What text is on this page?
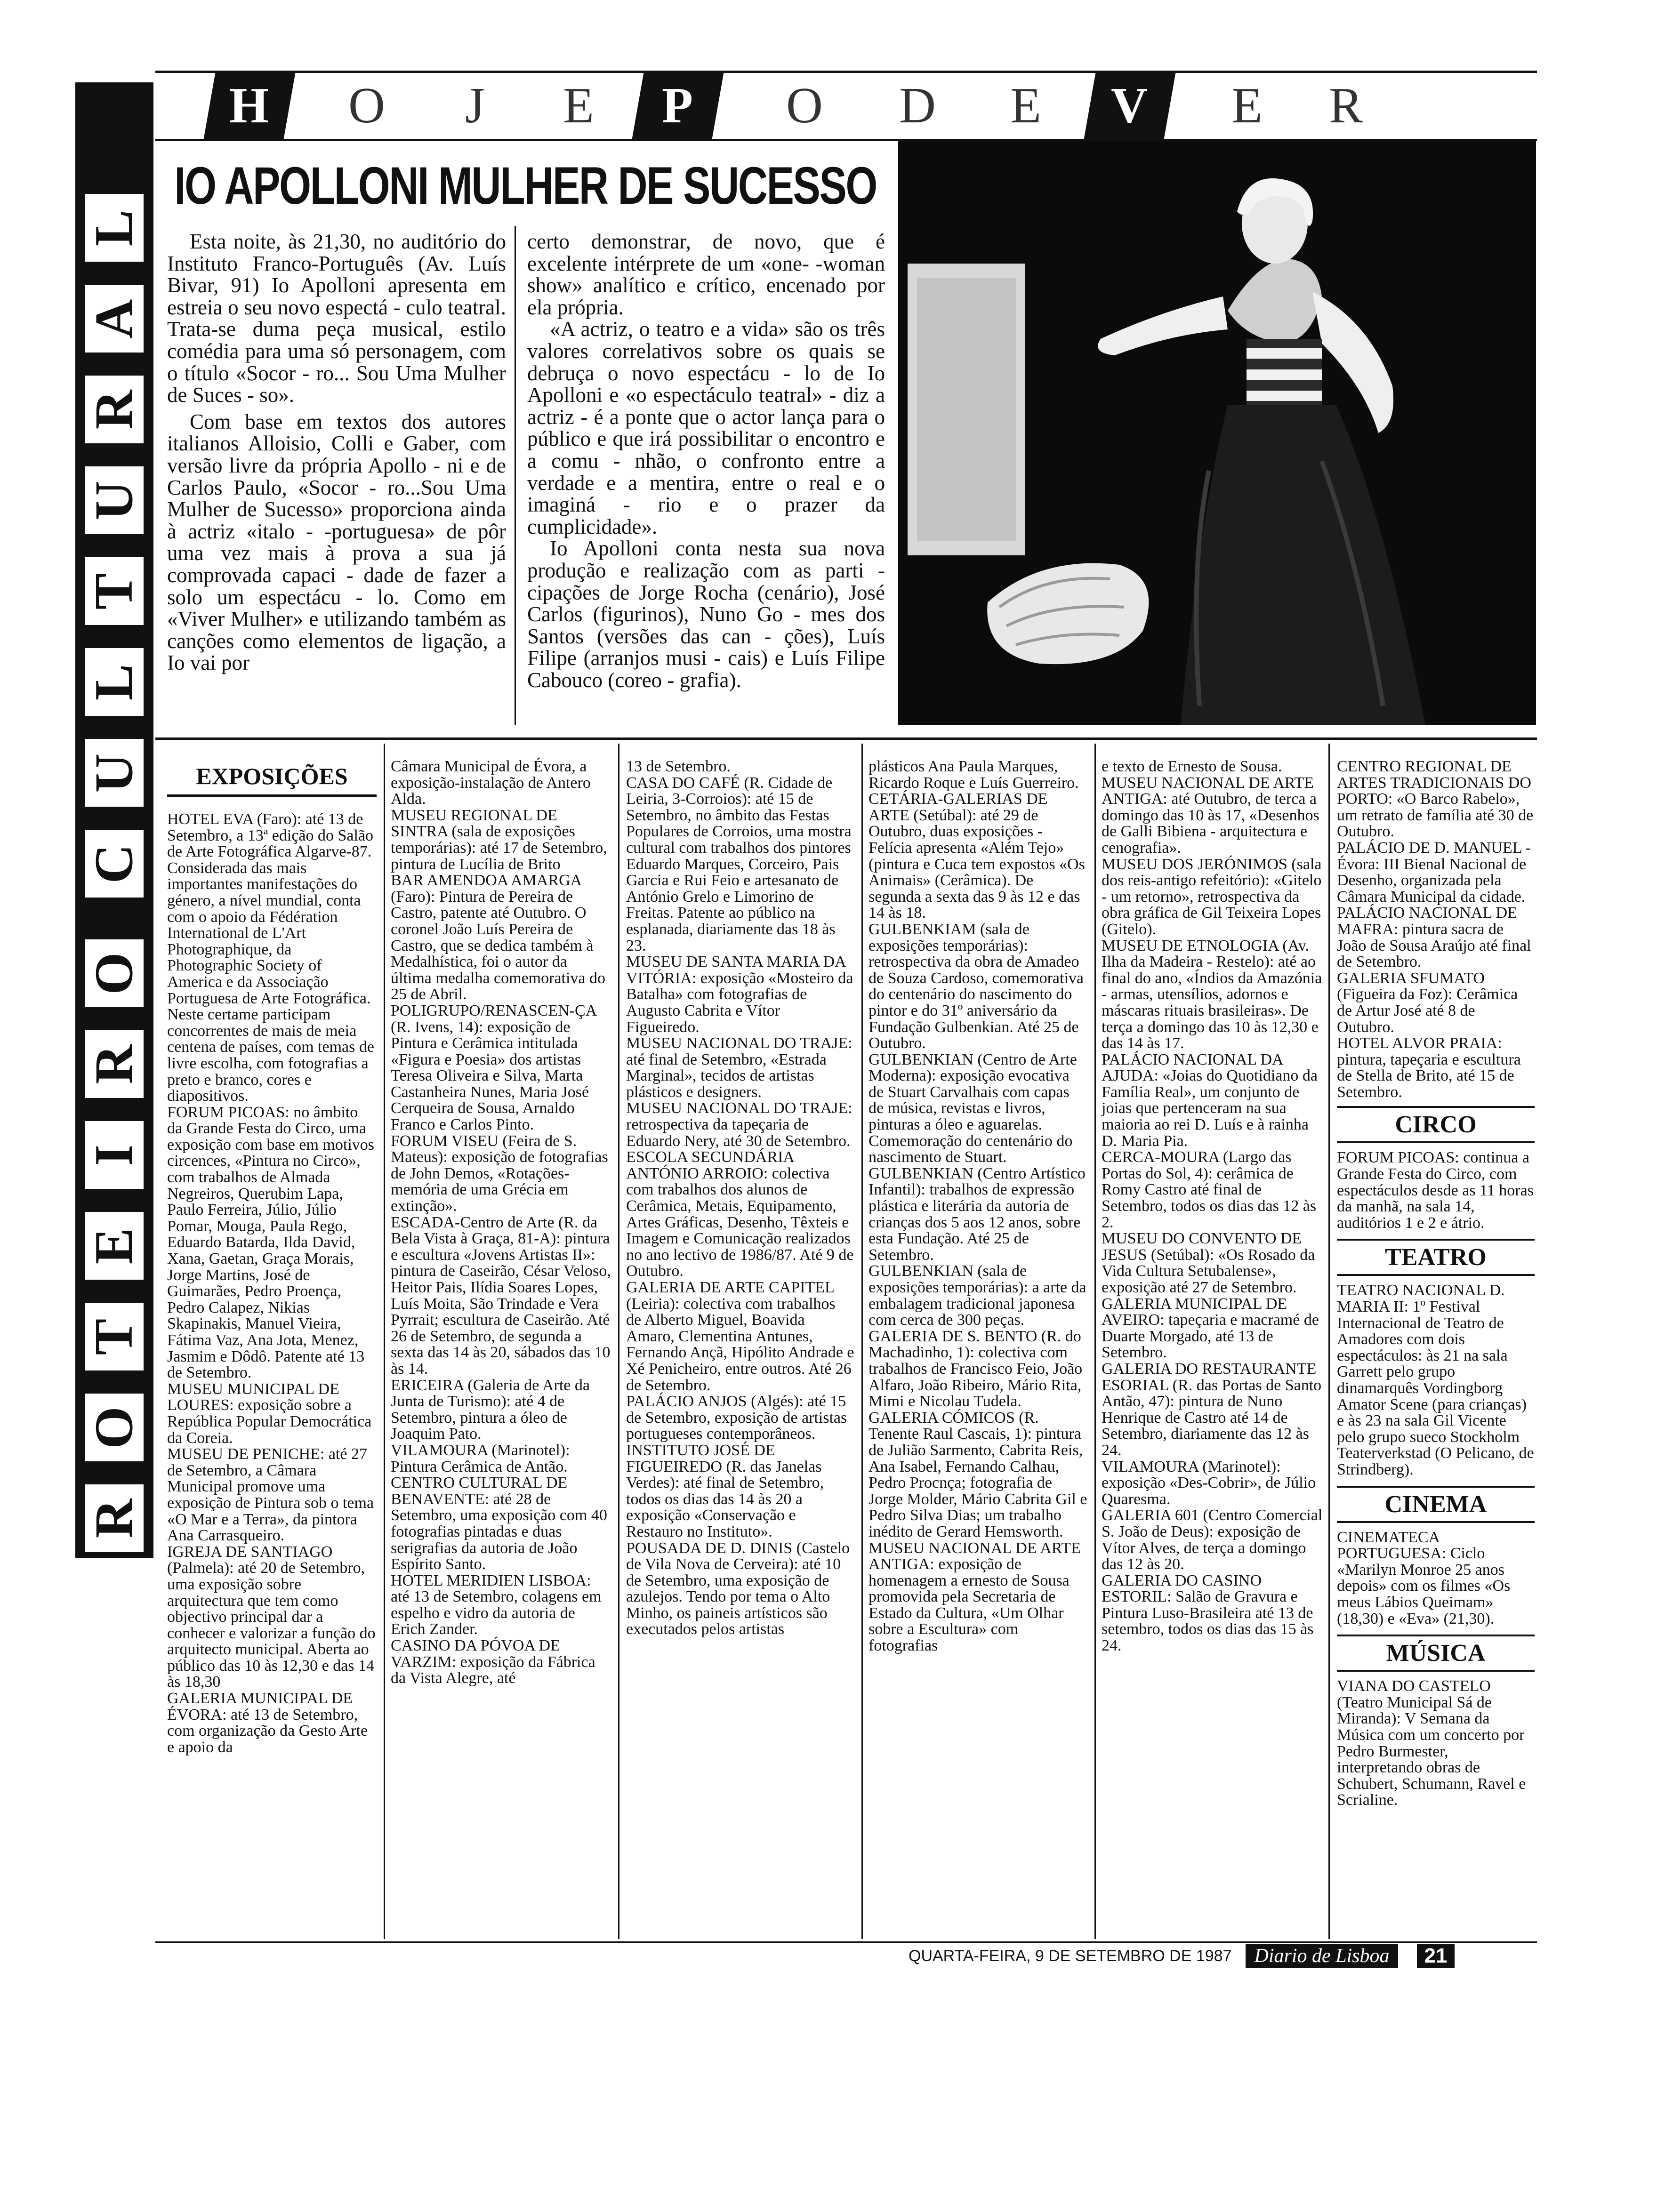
R
O
T
E
I
R
O
C
U
L
T
U
R
A
L
H	O	J	E	P	O D E	V	E R
IO APOLLONI MULHER DE SUCESSO

Esta noite, às 21,30, no auditório do Instituto Franco-Português (Av. Luís Bivar, 91) Io Apolloni apresenta em estreia o seu novo espectá - culo teatral. Trata-se duma peça musical, estilo comédia para uma só personagem, com o título «Socor - ro... Sou Uma Mulher de Suces - so».

Com base em textos dos autores italianos Alloisio, Colli e Gaber, com versão livre da própria Apollo - ni e de Carlos Paulo, «Socor - ro...Sou Uma Mulher de Sucesso» proporciona ainda à actriz «italo - -portuguesa» de pôr uma vez mais à prova a sua já comprovada capaci - dade de fazer a solo um espectácu - lo. Como em «Viver Mulher» e utilizando também as canções como elementos de ligação, a Io vai por

certo demonstrar, de novo, que é excelente intérprete de um «one- -woman show» analítico e crítico, encenado por ela própria.

«A actriz, o teatro e a vida» são os três valores correlativos sobre os quais se debruça o novo espectácu - lo de Io Apolloni e «o espectáculo teatral» - diz a actriz - é a ponte que o actor lança para o público e que irá possibilitar o encontro e a comu - nhão, o confronto entre a verdade e a mentira, entre o real e o imaginá - rio e o prazer da cumplicidade».

Io Apolloni conta nesta sua nova produção e realização com as parti - cipações de Jorge Rocha (cenário), José Carlos (figurinos), Nuno Go - mes dos Santos (versões das can - ções), Luís Filipe (arranjos musi - cais) e Luís Filipe Cabouco (coreo - grafia).

EXPOSIÇÕES

HOTEL EVA (Faro): até 13 de Setembro, a 13ª edição do Salão de Arte Fotográfica Algarve-87. Considerada das mais importantes manifestações do género, a nível mundial, conta com o apoio da Fédération International de L'Art Photographique, da Photographic Society of America e da Associação Portuguesa de Arte Fotográfica. Neste certame participam concorrentes de mais de meia centena de países, com temas de livre escolha, com fotografias a preto e branco, cores e diapositivos.

FORUM PICOAS: no âmbito da Grande Festa do Circo, uma exposição com base em motivos circences, «Pintura no Circo», com trabalhos de Almada Negreiros, Querubim Lapa, Paulo Ferreira, Júlio, Júlio Pomar, Mouga, Paula Rego, Eduardo Batarda, Ilda David, Xana, Gaetan, Graça Morais, Jorge Martins, José de Guimarães, Pedro Proença, Pedro Calapez, Nikias Skapinakis, Manuel Vieira, Fátima Vaz, Ana Jota, Menez, Jasmim e Dôdô. Patente até 13 de Setembro.

MUSEU MUNICIPAL DE LOURES: exposição sobre a República Popular Democrática da Coreia.

MUSEU DE PENICHE: até 27 de Setembro, a Câmara Municipal promove uma exposição de Pintura sob o tema «O Mar e a Terra», da pintora Ana Carrasqueiro.

IGREJA DE SANTIAGO (Palmela): até 20 de Setembro, uma exposição sobre arquitectura que tem como objectivo principal dar a conhecer e valorizar a função do arquitecto municipal. Aberta ao público das 10 às 12,30 e das 14 às 18,30

GALERIA MUNICIPAL DE ÉVORA: até 13 de Setembro, com organização da Gesto Arte e apoio da

Câmara Municipal de Évora, a exposição-instalação de Antero Alda.

MUSEU REGIONAL DE SINTRA (sala de exposições temporárias): até 17 de Setembro, pintura de Lucília de Brito

BAR AMENDOA AMARGA (Faro): Pintura de Pereira de Castro, patente até Outubro. O coronel João Luís Pereira de Castro, que se dedica também à Medalhística, foi o autor da última medalha comemorativa do 25 de Abril.

POLIGRUPO/RENASCEN-ÇA (R. Ivens, 14): exposição de Pintura e Cerâmica intitulada «Figura e Poesia» dos artistas Teresa Oliveira e Silva, Marta Castanheira Nunes, Maria José Cerqueira de Sousa, Arnaldo Franco e Carlos Pinto.

FORUM VISEU (Feira de S. Mateus): exposição de fotografias de John Demos, «Rotações-memória de uma Grécia em extinção».

ESCADA-Centro de Arte (R. da Bela Vista à Graça, 81-A): pintura e escultura «Jovens Artistas II»: pintura de Caseirão, César Veloso, Heitor Pais, Ilídia Soares Lopes, Luís Moita, São Trindade e Vera Pyrrait; escultura de Caseirão. Até 26 de Setembro, de segunda a sexta das 14 às 20, sábados das 10 às 14.

ERICEIRA (Galeria de Arte da Junta de Turismo): até 4 de Setembro, pintura a óleo de Joaquim Pato.

VILAMOURA (Marinotel): Pintura Cerâmica de Antão.

CENTRO CULTURAL DE BENAVENTE: até 28 de Setembro, uma exposição com 40 fotografias pintadas e duas serigrafias da autoria de João Espírito Santo.

HOTEL MERIDIEN LISBOA: até 13 de Setembro, colagens em espelho e vidro da autoria de Erich Zander.

CASINO DA PÓVOA DE VARZIM: exposição da Fábrica da Vista Alegre, até

13 de Setembro.

CASA DO CAFÉ (R. Cidade de Leiria, 3-Corroios): até 15 de Setembro, no âmbito das Festas Populares de Corroios, uma mostra cultural com trabalhos dos pintores Eduardo Marques, Corceiro, Pais Garcia e Rui Feio e artesanato de António Grelo e Limorino de Freitas. Patente ao público na esplanada, diariamente das 18 às 23.

MUSEU DE SANTA MARIA DA VITÓRIA: exposição «Mosteiro da Batalha» com fotografias de Augusto Cabrita e Vítor Figueiredo.

MUSEU NACIONAL DO TRAJE: até final de Setembro, «Estrada Marginal», tecidos de artistas plásticos e designers.

MUSEU NACIONAL DO TRAJE: retrospectiva da tapeçaria de Eduardo Nery, até 30 de Setembro.

ESCOLA SECUNDÁRIA ANTÓNIO ARROIO: colectiva com trabalhos dos alunos de Cerâmica, Metais, Equipamento, Artes Gráficas, Desenho, Têxteis e Imagem e Comunicação realizados no ano lectivo de 1986/87. Até 9 de Outubro.

GALERIA DE ARTE CAPITEL (Leiria): colectiva com trabalhos de Alberto Miguel, Boavida Amaro, Clementina Antunes, Fernando Ançã, Hipólito Andrade e Xé Penicheiro, entre outros. Até 26 de Setembro.

PALÁCIO ANJOS (Algés): até 15 de Setembro, exposição de artistas portugueses contemporâneos.

INSTITUTO JOSÉ DE FIGUEIREDO (R. das Janelas Verdes): até final de Setembro, todos os dias das 14 às 20 a exposição «Conservação e Restauro no Instituto».

POUSADA DE D. DINIS (Castelo de Vila Nova de Cerveira): até 10 de Setembro, uma exposição de azulejos. Tendo por tema o Alto Minho, os paineis artísticos são executados pelos artistas

plásticos Ana Paula Marques, Ricardo Roque e Luís Guerreiro.

CETÁRIA-GALERIAS DE ARTE (Setúbal): até 29 de Outubro, duas exposições - Felícia apresenta «Além Tejo» (pintura e Cuca tem expostos «Os Animais» (Cerâmica). De segunda a sexta das 9 às 12 e das 14 às 18.

GULBENKIAM (sala de exposições temporárias): retrospectiva da obra de Amadeo de Souza Cardoso, comemorativa do centenário do nascimento do pintor e do 31º aniversário da Fundação Gulbenkian. Até 25 de Outubro.

GULBENKIAN (Centro de Arte Moderna): exposição evocativa de Stuart Carvalhais com capas de música, revistas e livros, pinturas a óleo e aguarelas. Comemoração do centenário do nascimento de Stuart.

GULBENKIAN (Centro Artístico Infantil): trabalhos de expressão

plástica e literária da autoria de crianças dos 5 aos 12 anos, sobre esta Fundação. Até 25 de Setembro.

GULBENKIAN (sala de exposições temporárias): a arte da embalagem tradicional japonesa com cerca de 300 peças.

GALERIA DE S. BENTO (R. do Machadinho, 1): colectiva com trabalhos de Francisco Feio, João Alfaro, João Ribeiro, Mário Rita, Mimi e Nicolau Tudela.

GALERIA CÓMICOS (R. Tenente Raul Cascais, 1): pintura de Julião Sarmento, Cabrita Reis, Ana Isabel, Fernando Calhau, Pedro Procnça; fotografia de Jorge Molder, Mário Cabrita Gil e Pedro Silva Dias; um trabalho inédito de Gerard Hemsworth.

MUSEU NACIONAL DE ARTE ANTIGA: exposição de homenagem a ernesto de Sousa promovida pela Secretaria de Estado da Cultura, «Um Olhar sobre a Escultura» com fotografias

e texto de Ernesto de Sousa.

MUSEU NACIONAL DE ARTE ANTIGA: até Outubro, de terca a domingo das 10 às 17, «Desenhos de Galli Bibiena - arquitectura e cenografia».

MUSEU DOS JERÓNIMOS (sala dos reis-antigo refeitório): «Gitelo - um retorno», retrospectiva da obra gráfica de Gil Teixeira Lopes (Gitelo).

MUSEU DE ETNOLOGIA (Av. Ilha da Madeira - Restelo): até ao final do ano, «Índios da Amazónia - armas, utensílios, adornos e máscaras rituais brasileiras». De terça a domingo das 10 às 12,30 e das 14 às 17.

PALÁCIO NACIONAL DA AJUDA: «Joias do Quotidiano da Família Real», um conjunto de joias que pertenceram na sua maioria ao rei D. Luís e à rainha D. Maria Pia.

CERCA-MOURA (Largo das Portas do Sol, 4): cerâmica de Romy Castro até final de Setembro, todos os dias das 12 às 2.

MUSEU DO CONVENTO DE JESUS (Setúbal): «Os Rosado da Vida Cultura Setubalense», exposição até 27 de Setembro.

GALERIA MUNICIPAL DE AVEIRO: tapeçaria e macramé de Duarte Morgado, até 13 de Setembro.

GALERIA DO RESTAURANTE ESORIAL (R. das Portas de Santo Antão, 47): pintura de Nuno Henrique de Castro até 14 de Setembro, diariamente das 12 às 24.

VILAMOURA (Marinotel): exposição «Des-Cobrir», de Júlio Quaresma.

GALERIA 601 (Centro Comercial S. João de Deus): exposição de Vítor Alves, de terça a domingo das 12 às 20.

GALERIA DO CASINO ESTORIL: Salão de Gravura e Pintura Luso-Brasileira até 13 de setembro, todos os dias das 15 às 24.

CENTRO REGIONAL DE ARTES TRADICIONAIS DO PORTO: «O Barco Rabelo», um retrato de família até 30 de Outubro.

PALÁCIO DE D. MANUEL - Évora: III Bienal Nacional de Desenho, organizada pela Câmara Municipal da cidade.

PALÁCIO NACIONAL DE MAFRA: pintura sacra de João de Sousa Araújo até final de Setembro.

GALERIA SFUMATO (Figueira da Foz): Cerâmica de Artur José até 8 de Outubro.

HOTEL ALVOR PRAIA: pintura, tapeçaria e escultura de Stella de Brito, até 15 de Setembro.

CIRCO
FORUM PICOAS: continua a Grande Festa do Circo, com espectáculos desde as 11 horas da manhã, na sala 14, auditórios 1 e 2 e átrio.
TEATRO
TEATRO NACIONAL D. MARIA II: 1º Festival Internacional de Teatro de Amadores com dois espectáculos: às 21 na sala Garrett pelo grupo dinamarquês Vordingborg Amator Scene (para crianças) e às 23 na sala Gil Vicente pelo grupo sueco Stockholm Teaterverkstad (O Pelicano, de Strindberg).
CINEMA
CINEMATECA PORTUGUESA: Ciclo «Marilyn Monroe 25 anos depois» com os filmes «Os meus Lábios Queimam» (18,30) e «Eva» (21,30).
MÚSICA
VIANA DO CASTELO (Teatro Municipal Sá de Miranda): V Semana da Música com um concerto por Pedro Burmester, interpretando obras de Schubert, Schumann, Ravel e Scrialine.
QUARTA-FEIRA, 9 DE SETEMBRO DE 1987	Diario de Lisboa	21
